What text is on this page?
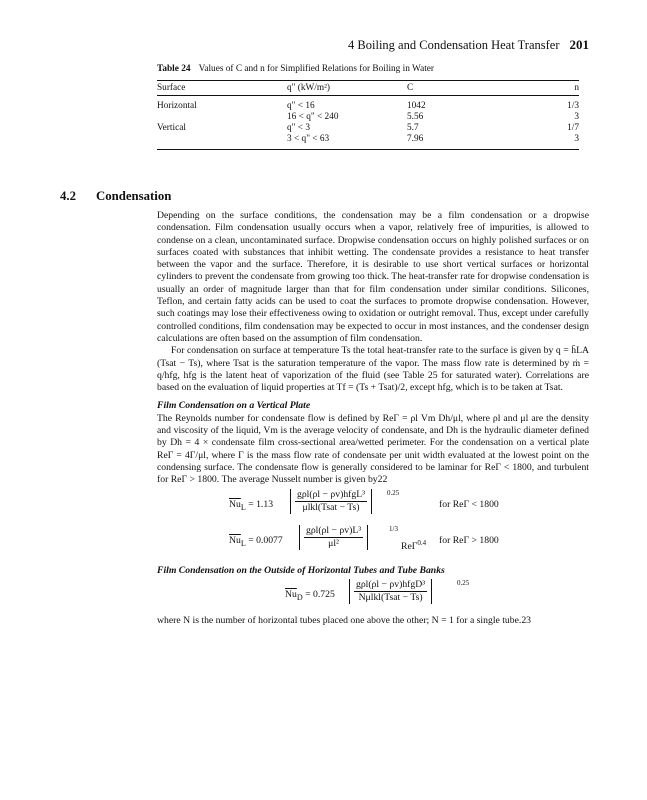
4 Boiling and Condensation Heat Transfer 201
Table 24 Values of C and n for Simplified Relations for Boiling in Water
Surface	q" (kW/m²)	C	n
Horizontal	q" < 16	1042	1/3
	16 < q" < 240	5.56	3
Vertical	q" < 3	5.7	1/7
	3 < q" < 63	7.96	3
4.2 Condensation

Depending on the surface conditions, the condensation may be a film condensation or a dropwise condensation. Film condensation usually occurs when a vapor, relatively free of impurities, is allowed to condense on a clean, uncontaminated surface. Dropwise condensation occurs on highly polished surfaces or on surfaces coated with substances that inhibit wetting. The condensate provides a resistance to heat transfer between the vapor and the surface. Therefore, it is desirable to use short vertical surfaces or horizontal cylinders to prevent the condensate from growing too thick. The heat-transfer rate for dropwise condensation is usually an order of magnitude larger than that for film condensation under similar conditions. Silicones, Teflon, and certain fatty acids can be used to coat the surfaces to promote dropwise condensation. However, such coatings may lose their effectiveness owing to oxidation or outright removal. Thus, except under carefully controlled conditions, film condensation may be expected to occur in most instances, and the condenser design calculations are often based on the assumption of film condensation.

For condensation on surface at temperature Ts the total heat-transfer rate to the surface is given by q = h̄LA (Tsat − Ts), where Tsat is the saturation temperature of the vapor. The mass flow rate is determined by ṁ = q/hfg, hfg is the latent heat of vaporization of the fluid (see Table 25 for saturated water). Correlations are based on the evaluation of liquid properties at Tf = (Ts + Tsat)/2, except hfg, which is to be taken at Tsat.

Film Condensation on a Vertical Plate

The Reynolds number for condensate flow is defined by ReΓ = ρl Vm Dh/μl, where ρl and μl are the density and viscosity of the liquid, Vm is the average velocity of condensate, and Dh is the hydraulic diameter defined by Dh = 4 × condensate film cross-sectional area/wetted perimeter. For the condensation on a vertical plate ReΓ = 4Γ/μl, where Γ is the mass flow rate of condensate per unit width evaluated at the lowest point on the condensing surface. The condensate flow is generally considered to be laminar for ReΓ < 1800, and turbulent for ReΓ > 1800. The average Nusselt number is given by22

$\overline{Nu}_L = 1.13$
gρl(ρl − ρv)hfgL³
μlkl(Tsat − Ts)
0.25
for ReΓ < 1800
$\overline{Nu}_L = 0.0077$
gρl(ρl − ρv)L³
μl²
1/3
ReΓ$^{0.4}$ for ReΓ > 1800

Film Condensation on the Outside of Horizontal Tubes and Tube Banks

$\overline{Nu}_D = 0.725$
gρl(ρl − ρv)hfgD³
Nμlkl(Tsat − Ts)
0.25

where N is the number of horizontal tubes placed one above the other; N = 1 for a single tube.23
